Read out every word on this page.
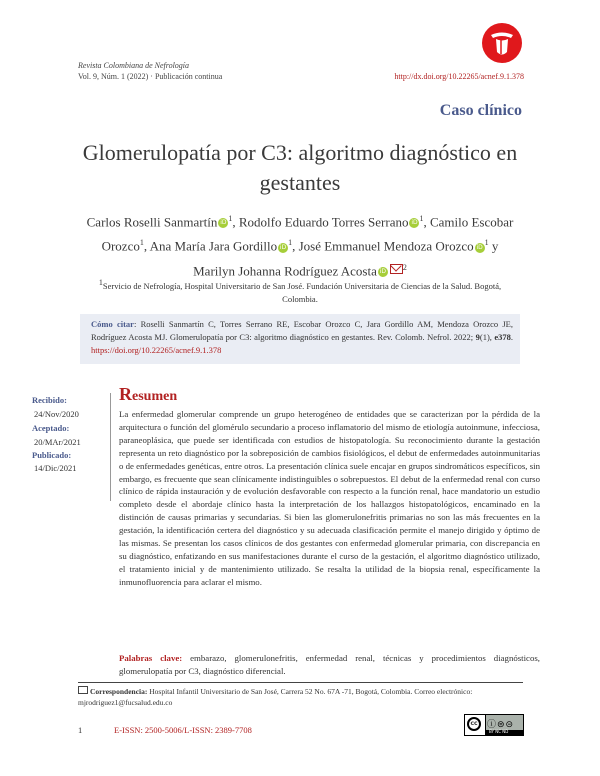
Revista Colombiana de Nefrología
Vol. 9, Núm. 1 (2022) · Publicación continua	http://dx.doi.org/10.22265/acnef.9.1.378
Caso clínico
Glomerulopatía por C3: algoritmo diagnóstico en gestantes
Carlos Roselli Sanmartín iD $^1$, Rodolfo Eduardo Torres Serrano iD $^1$, Camilo Escobar Orozco$^1$, Ana María Jara Gordillo iD $^1$, José Emmanuel Mendoza Orozco iD $^1$ y Marilyn Johanna Rodríguez Acosta iD $^2$
$^1$Servicio de Nefrología, Hospital Universitario de San José. Fundación Universitaria de Ciencias de la Salud. Bogotá, Colombia.
Cómo citar: Roselli Sanmartín C, Torres Serrano RE, Escobar Orozco C, Jara Gordillo AM, Mendoza Orozco JE, Rodríguez Acosta MJ. Glomerulopatía por C3: algoritmo diagnóstico en gestantes. Rev. Colomb. Nefrol. 2022; 9(1), e378. https://doi.org/10.22265/acnef.9.1.378
Recibido:
24/Nov/2020
Aceptado:
20/MAr/2021
Publicado:
14/Dic/2021
Resumen
La enfermedad glomerular comprende un grupo heterogéneo de entidades que se caracterizan por la pérdida de la arquitectura o función del glomérulo secundario a proceso inflamatorio del mismo de etiología autoinmune, infecciosa, paraneoplásica, que puede ser identificada con estudios de histopatología. Su reconocimiento durante la gestación representa un reto diagnóstico por la sobreposición de cambios fisiológicos, el debut de enfermedades autoinmunitarias o de enfermedades genéticas, entre otros. La presentación clínica suele encajar en grupos sindromáticos específicos, sin embargo, es frecuente que sean clínicamente indistinguibles o sobrepuestos. El debut de la enfermedad renal con curso clínico de rápida instauración y de evolución desfavorable con respecto a la función renal, hace mandatorio un estudio completo desde el abordaje clínico hasta la interpretación de los hallazgos histopatológicos, encaminado en la distinción de causas primarias y secundarias. Si bien las glomerulonefritis primarias no son las más frecuentes en la gestación, la identificación certera del diagnóstico y su adecuada clasificación permite el manejo dirigido y óptimo de las mismas. Se presentan los casos clínicos de dos gestantes con enfermedad glomerular primaria, con discrepancia en su diagnóstico, enfatizando en sus manifestaciones durante el curso de la gestación, el algoritmo diagnóstico utilizado, el tratamiento inicial y de mantenimiento utilizado. Se resalta la utilidad de la biopsia renal, específicamente la inmunofluorencia para aclarar el mismo.
Palabras clave: embarazo, glomerulonefritis, enfermedad renal, técnicas y procedimientos diagnósticos, glomerulopatía por C3, diagnóstico diferencial.
Correspondencia: Hospital Infantil Universitario de San José, Carrera 52 No. 67A -71, Bogotá, Colombia. Correo electrónico: mjrodriguez1@fucsalud.edu.co
1	E-ISSN: 2500-5006/L-ISSN: 2389-7708
cc	ⓘ⊜⊝
BY NC ND
